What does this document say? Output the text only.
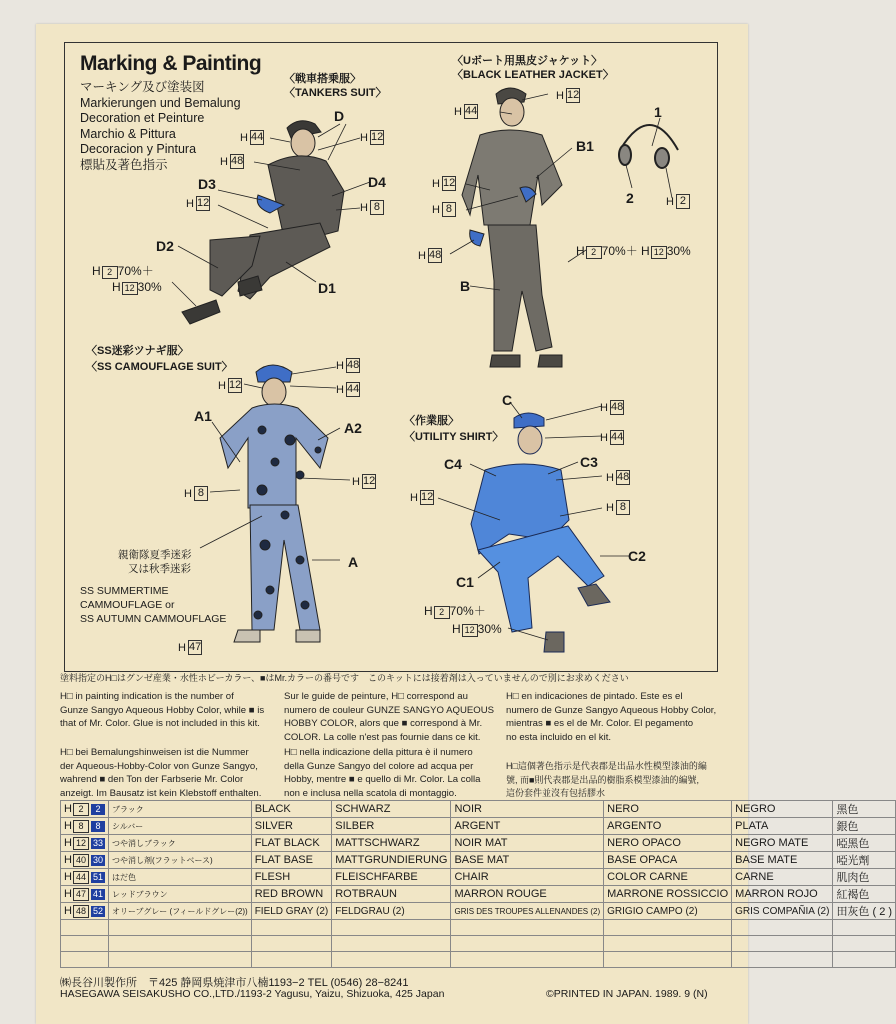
Marking & Painting
マーキング及び塗装図
Markierungen und Bemalung
Decoration et Peinture
Marchio & Pittura
Decoracion y Pintura
標貼及著色指示
〈戦車搭乗服〉
〈TANKERS SUIT〉
D
H 44	H 12
H 48
D3	D4
H 12	H 8
D2
H 2 70%＋
H 12 30%	D1
〈Uボート用黒皮ジャケット〉
〈BLACK LEATHER JACKET〉
H 12
H 44
B1
H 12
H 8
H 48	H 2 70%＋ H 12 30%
B
1
2	H 2
〈SS迷彩ツナギ服〉
〈SS CAMOUFLAGE SUIT〉	H 48
H 12	H 44
A1
A2
H 12
H 8
親衛隊夏季迷彩
又は秋季迷彩	A
SS SUMMERTIME
CAMMOUFLAGE or
SS AUTUMN CAMMOUFLAGE
H 47
C	H 48
〈作業服〉
〈UTILITY SHIRT〉	H 44
C4	C3
H 48
H 12
H 8
C2
C1
H 2 70%＋
H 12 30%
塗料指定のH□はグンゼ産業・水性ホビーカラー、■はMr.カラーの番号です　このキットには接着剤は入っていませんので別にお求めください
H□ in painting indication is the number of
Gunze Sangyo Aqueous Hobby Color, while ■ is
that of Mr. Color. Glue is not included in this kit.
Sur le guide de peinture, H□ correspond au
numero de couleur GUNZE SANGYO AQUEOUS
HOBBY COLOR, alors que ■ correspond à Mr.
COLOR. La colle n'est pas fournie dans ce kit.
H□ en indicaciones de pintado. Este es el
numero de Gunze Sangyo Aqueous Hobby Color,
mientras ■ es el de Mr. Color. El pegamento
no esta incluido en el kit.
H□ bei Bemalungshinweisen ist die Nummer
der Aqueous-Hobby-Color von Gunze Sangyo,
wahrend ■ den Ton der Farbserie Mr. Color
anzeigt. Im Bausatz ist kein Klebstoff enthalten.
H□ nella indicazione della pittura è il numero
della Gunze Sangyo del colore ad acqua per
Hobby, mentre ■ e quello di Mr. Color. La colla
non e inclusa nella scatola di montaggio.
H□這個著色指示是代表郡是出品水性模型漆油的編
號, 而■則代表郡是出品的樹脂系模型漆油的編號,
這份套件並沒有包括膠水
H 2 2	ブラック	BLACK	SCHWARZ	NOIR	NERO	NEGRO	黑色
H 8 8	シルバー	SILVER	SILBER	ARGENT	ARGENTO	PLATA	銀色
H 12 33	つや消しブラック	FLAT BLACK	MATTSCHWARZ	NOIR MAT	NERO OPACO	NEGRO MATE	啞黑色
H 40 30	つや消し剤(フラットベース)	FLAT BASE	MATTGRUNDIERUNG	BASE MAT	BASE OPACA	BASE MATE	啞光劑
H 44 51	はだ色	FLESH	FLEISCHFARBE	CHAIR	COLOR CARNE	CARNE	肌肉色
H 47 41	レッドブラウン	RED BROWN	ROTBRAUN	MARRON ROUGE	MARRONE ROSSICCIO	MARRON ROJO	紅褐色
H 48 52	オリーブグレー (フィールドグレー(2))	FIELD GRAY (2)	FELDGRAU (2)	GRIS DES TROUPES ALLENANDES (2)	GRIGIO CAMPO (2)	GRIS COMPAÑIA (2)	田灰色 ( 2 )

㈱長谷川製作所　〒425 静岡県焼津市八楠1193−2 TEL (0546) 28−8241
HASEGAWA SEISAKUSHO CO.,LTD./1193-2 Yagusu, Yaizu, Shizuoka, 425 Japan	©PRINTED IN JAPAN. 1989. 9 (N)
